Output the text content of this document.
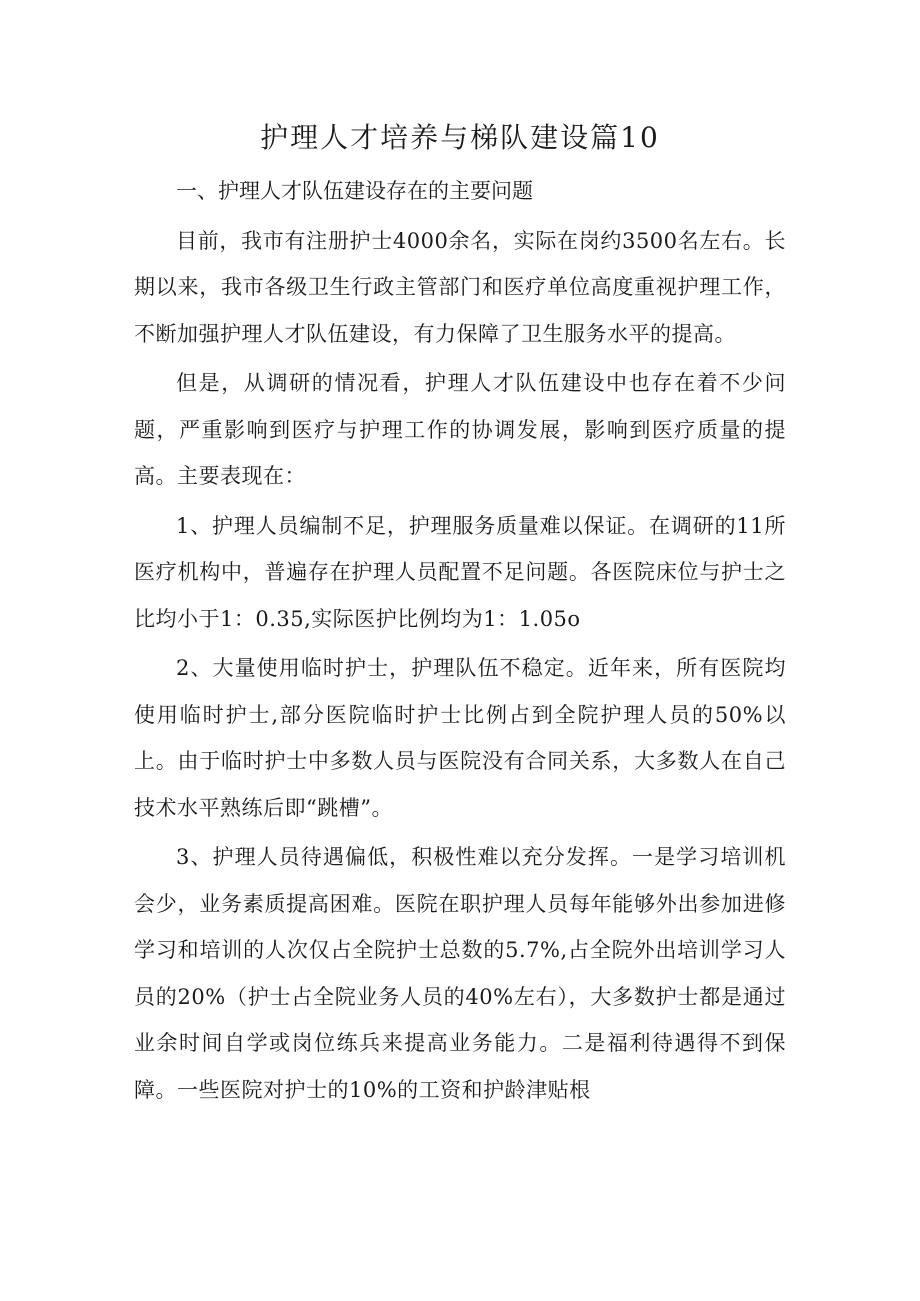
护理人才培养与梯队建设篇10
一、护理人才队伍建设存在的主要问题

目前，我市有注册护士4000余名，实际在岗约3500名左右。长期以来，我市各级卫生行政主管部门和医疗单位高度重视护理工作，不断加强护理人才队伍建设，有力保障了卫生服务水平的提高。

但是，从调研的情况看，护理人才队伍建设中也存在着不少问题，严重影响到医疗与护理工作的协调发展，影响到医疗质量的提高。主要表现在：

1、护理人员编制不足，护理服务质量难以保证。在调研的11所医疗机构中，普遍存在护理人员配置不足问题。各医院床位与护士之比均小于1：0.35,实际医护比例均为1：1.05o

2、大量使用临时护士，护理队伍不稳定。近年来，所有医院均使用临时护士,部分医院临时护士比例占到全院护理人员的50%以上。由于临时护士中多数人员与医院没有合同关系，大多数人在自己技术水平熟练后即“跳槽”。

3、护理人员待遇偏低，积极性难以充分发挥。一是学习培训机会少，业务素质提高困难。医院在职护理人员每年能够外出参加进修学习和培训的人次仅占全院护士总数的5.7%,占全院外出培训学习人员的20%（护士占全院业务人员的40%左右），大多数护士都是通过业余时间自学或岗位练兵来提高业务能力。二是福利待遇得不到保障。一些医院对护士的10%的工资和护龄津贴根
